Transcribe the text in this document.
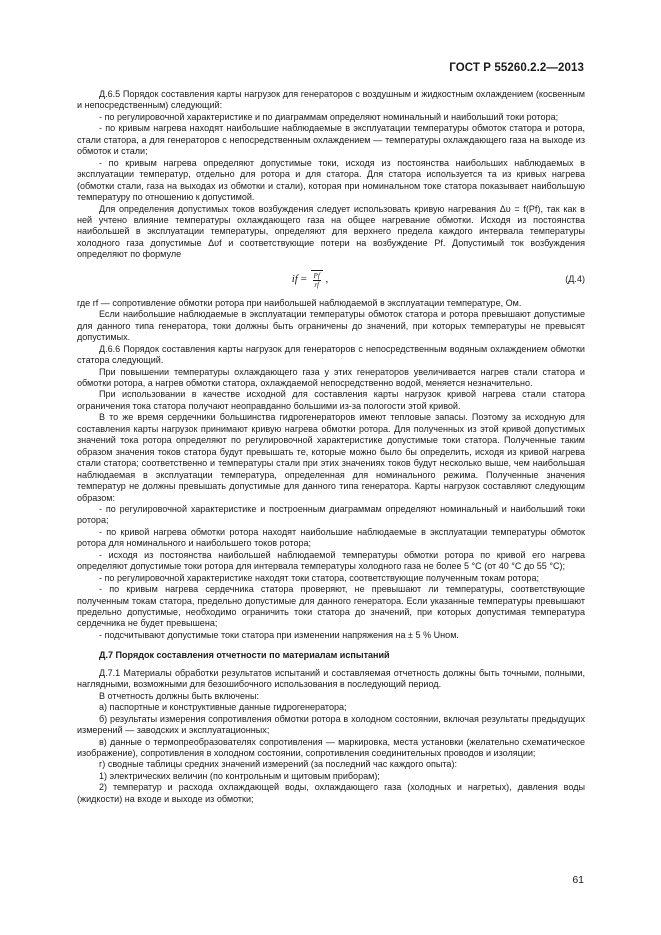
ГОСТ Р 55260.2.2—2013

Д.6.5 Порядок составления карты нагрузок для генераторов с воздушным и жидкостным охлаждением (косвенным и непосредственным) следующий:

- по регулировочной характеристике и по диаграммам определяют номинальный и наибольший токи ротора;

- по кривым нагрева находят наибольшие наблюдаемые в эксплуатации температуры обмоток статора и ротора, стали статора, а для генераторов с непосредственным охлаждением — температуры охлаждающего газа на выходе из обмоток и стали;

- по кривым нагрева определяют допустимые токи, исходя из постоянства наибольших наблюдаемых в эксплуатации температур, отдельно для ротора и для статора. Для статора используется та из кривых нагрева (обмотки стали, газа на выходах из обмотки и стали), которая при номинальном токе статора показывает наибольшую температуру по отношению к допустимой.

Для определения допустимых токов возбуждения следует использовать кривую нагревания Δυ = f(Pf), так как в ней учтено влияние температуры охлаждающего газа на общее нагревание обмотки. Исходя из постоянства наибольшей в эксплуатации температуры, определяют для верхнего предела каждого интервала температуры холодного газа допустимые Δυf и соответствующие потери на возбуждение Pf. Допустимый ток возбуждения определяют по формуле

if = $\frac{Pf}{rf}$ ,	(Д.4)

где rf — сопротивление обмотки ротора при наибольшей наблюдаемой в эксплуатации температуре, Ом.

Если наибольшие наблюдаемые в эксплуатации температуры обмоток статора и ротора превышают допустимые для данного типа генератора, токи должны быть ограничены до значений, при которых температуры не превысят допустимых.

Д.6.6 Порядок составления карты нагрузок для генераторов с непосредственным водяным охлаждением обмотки статора следующий.

При повышении температуры охлаждающего газа у этих генераторов увеличивается нагрев стали статора и обмотки ротора, а нагрев обмотки статора, охлаждаемой непосредственно водой, меняется незначительно.

При использовании в качестве исходной для составления карты нагрузок кривой нагрева стали статора ограничения тока статора получают неоправданно большими из-за пологости этой кривой.

В то же время сердечники большинства гидрогенераторов имеют тепловые запасы. Поэтому за исходную для составления карты нагрузок принимают кривую нагрева обмотки ротора. Для полученных из этой кривой допустимых значений тока ротора определяют по регулировочной характеристике допустимые токи статора. Полученные таким образом значения токов статора будут превышать те, которые можно было бы определить, исходя из кривой нагрева стали статора; соответственно и температуры стали при этих значениях токов будут несколько выше, чем наибольшая наблюдаемая в эксплуатации температура, определенная для номинального режима. Полученные значения температур не должны превышать допустимые для данного типа генератора. Карты нагрузок составляют следующим образом:

- по регулировочной характеристике и построенным диаграммам определяют номинальный и наибольший токи ротора;

- по кривой нагрева обмотки ротора находят наибольшие наблюдаемые в эксплуатации температуры обмоток ротора для номинального и наибольшего токов ротора;

- исходя из постоянства наибольшей наблюдаемой температуры обмотки ротора по кривой его нагрева определяют допустимые токи ротора для интервала температуры холодного газа не более 5 °С (от 40 °С до 55 °С);

- по регулировочной характеристике находят токи статора, соответствующие полученным токам ротора;

- по кривым нагрева сердечника статора проверяют, не превышают ли температуры, соответствующие полученным токам статора, предельно допустимые для данного генератора. Если указанные температуры превышают предельно допустимые, необходимо ограничить токи статора до значений, при которых допустимая температура сердечника не будет превышена;

- подсчитывают допустимые токи статора при изменении напряжения на ± 5 % Uном.

Д.7 Порядок составления отчетности по материалам испытаний

Д.7.1 Материалы обработки результатов испытаний и составляемая отчетность должны быть точными, полными, наглядными, возможными для безошибочного использования в последующий период.

В отчетность должны быть включены:

а) паспортные и конструктивные данные гидрогенератора;

б) результаты измерения сопротивления обмотки ротора в холодном состоянии, включая результаты предыдущих измерений — заводских и эксплуатационных;

в) данные о термопреобразователях сопротивления — маркировка, места установки (желательно схематическое изображение), сопротивления в холодном состоянии, сопротивления соединительных проводов и изоляции;

г) сводные таблицы средних значений измерений (за последний час каждого опыта):

1) электрических величин (по контрольным и щитовым приборам);

2) температур и расхода охлаждающей воды, охлаждающего газа (холодных и нагретых), давления воды (жидкости) на входе и выходе из обмотки;

61
